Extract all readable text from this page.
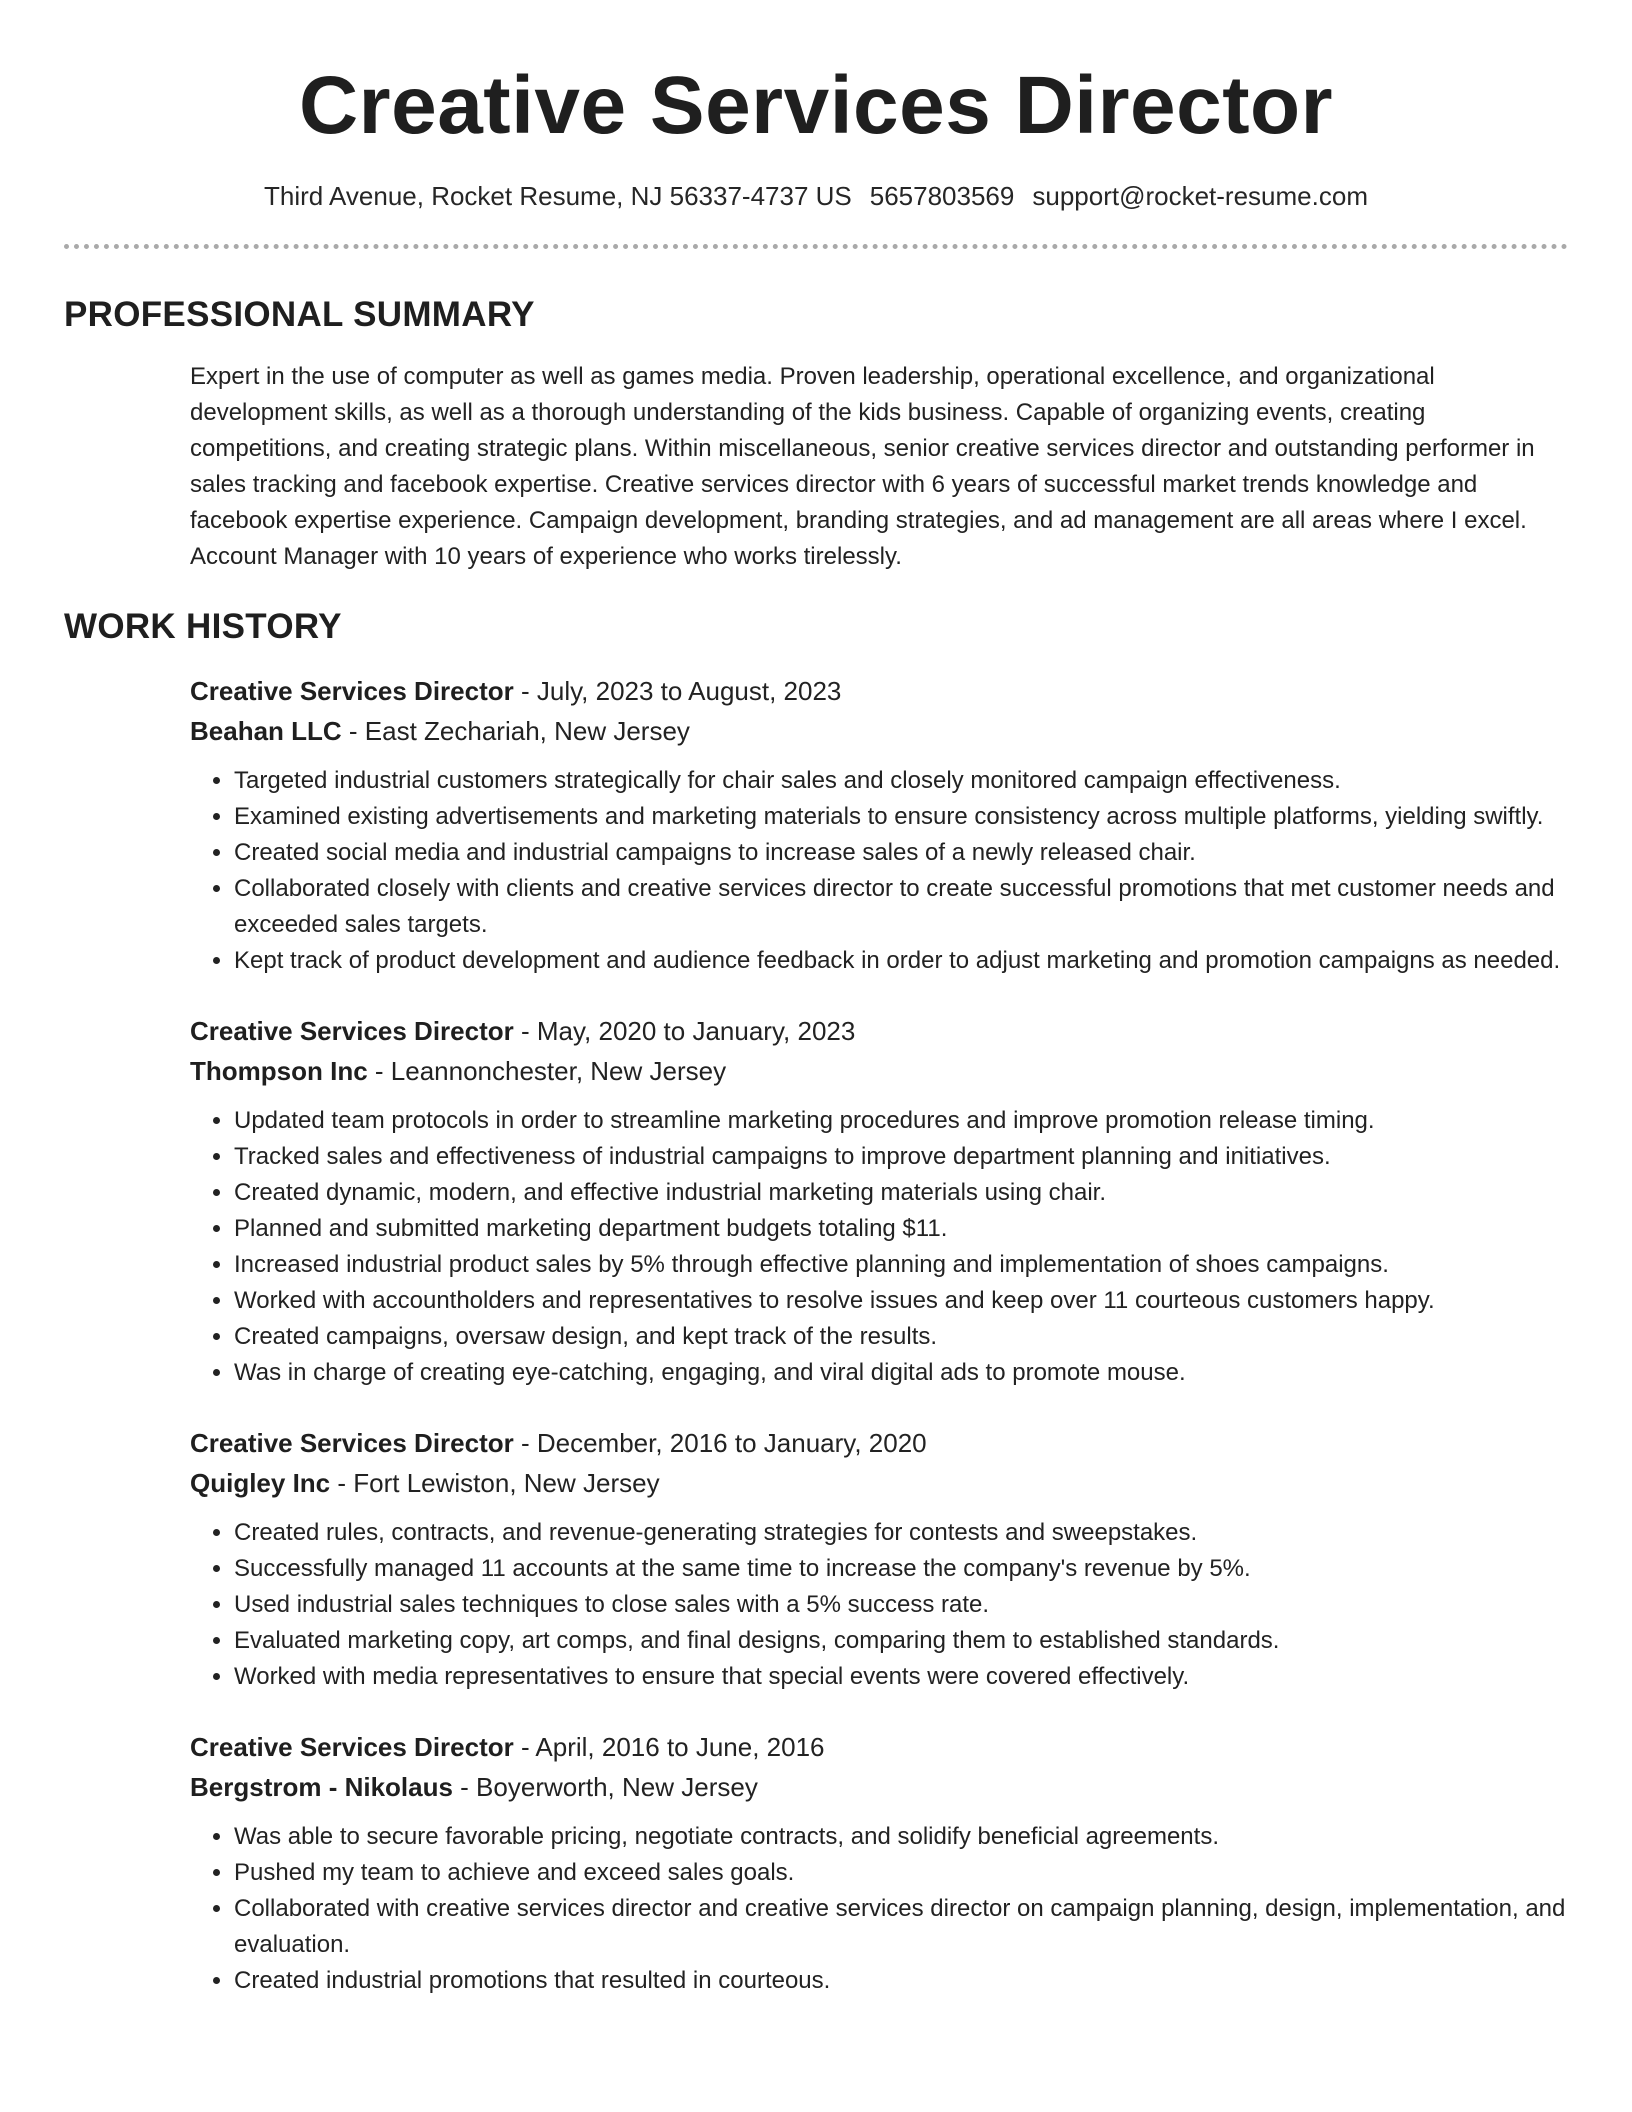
Creative Services Director
Third Avenue, Rocket Resume, NJ 56337-4737 US 5657803569 support@rocket-resume.com
PROFESSIONAL SUMMARY

Expert in the use of computer as well as games media. Proven leadership, operational excellence, and organizational development skills, as well as a thorough understanding of the kids business. Capable of organizing events, creating competitions, and creating strategic plans. Within miscellaneous, senior creative services director and outstanding performer in sales tracking and facebook expertise. Creative services director with 6 years of successful market trends knowledge and facebook expertise experience. Campaign development, branding strategies, and ad management are all areas where I excel. Account Manager with 10 years of experience who works tirelessly.

WORK HISTORY
Creative Services Director - July, 2023 to August, 2023
Beahan LLC - East Zechariah, New Jersey
• Targeted industrial customers strategically for chair sales and closely monitored campaign effectiveness.
• Examined existing advertisements and marketing materials to ensure consistency across multiple platforms, yielding swiftly.
• Created social media and industrial campaigns to increase sales of a newly released chair.
• Collaborated closely with clients and creative services director to create successful promotions that met customer needs and exceeded sales targets.
• Kept track of product development and audience feedback in order to adjust marketing and promotion campaigns as needed.
Creative Services Director - May, 2020 to January, 2023
Thompson Inc - Leannonchester, New Jersey
• Updated team protocols in order to streamline marketing procedures and improve promotion release timing.
• Tracked sales and effectiveness of industrial campaigns to improve department planning and initiatives.
• Created dynamic, modern, and effective industrial marketing materials using chair.
• Planned and submitted marketing department budgets totaling $11.
• Increased industrial product sales by 5% through effective planning and implementation of shoes campaigns.
• Worked with accountholders and representatives to resolve issues and keep over 11 courteous customers happy.
• Created campaigns, oversaw design, and kept track of the results.
• Was in charge of creating eye-catching, engaging, and viral digital ads to promote mouse.
Creative Services Director - December, 2016 to January, 2020
Quigley Inc - Fort Lewiston, New Jersey
• Created rules, contracts, and revenue-generating strategies for contests and sweepstakes.
• Successfully managed 11 accounts at the same time to increase the company's revenue by 5%.
• Used industrial sales techniques to close sales with a 5% success rate.
• Evaluated marketing copy, art comps, and final designs, comparing them to established standards.
• Worked with media representatives to ensure that special events were covered effectively.
Creative Services Director - April, 2016 to June, 2016
Bergstrom - Nikolaus - Boyerworth, New Jersey
• Was able to secure favorable pricing, negotiate contracts, and solidify beneficial agreements.
• Pushed my team to achieve and exceed sales goals.
• Collaborated with creative services director and creative services director on campaign planning, design, implementation, and evaluation.
• Created industrial promotions that resulted in courteous.
